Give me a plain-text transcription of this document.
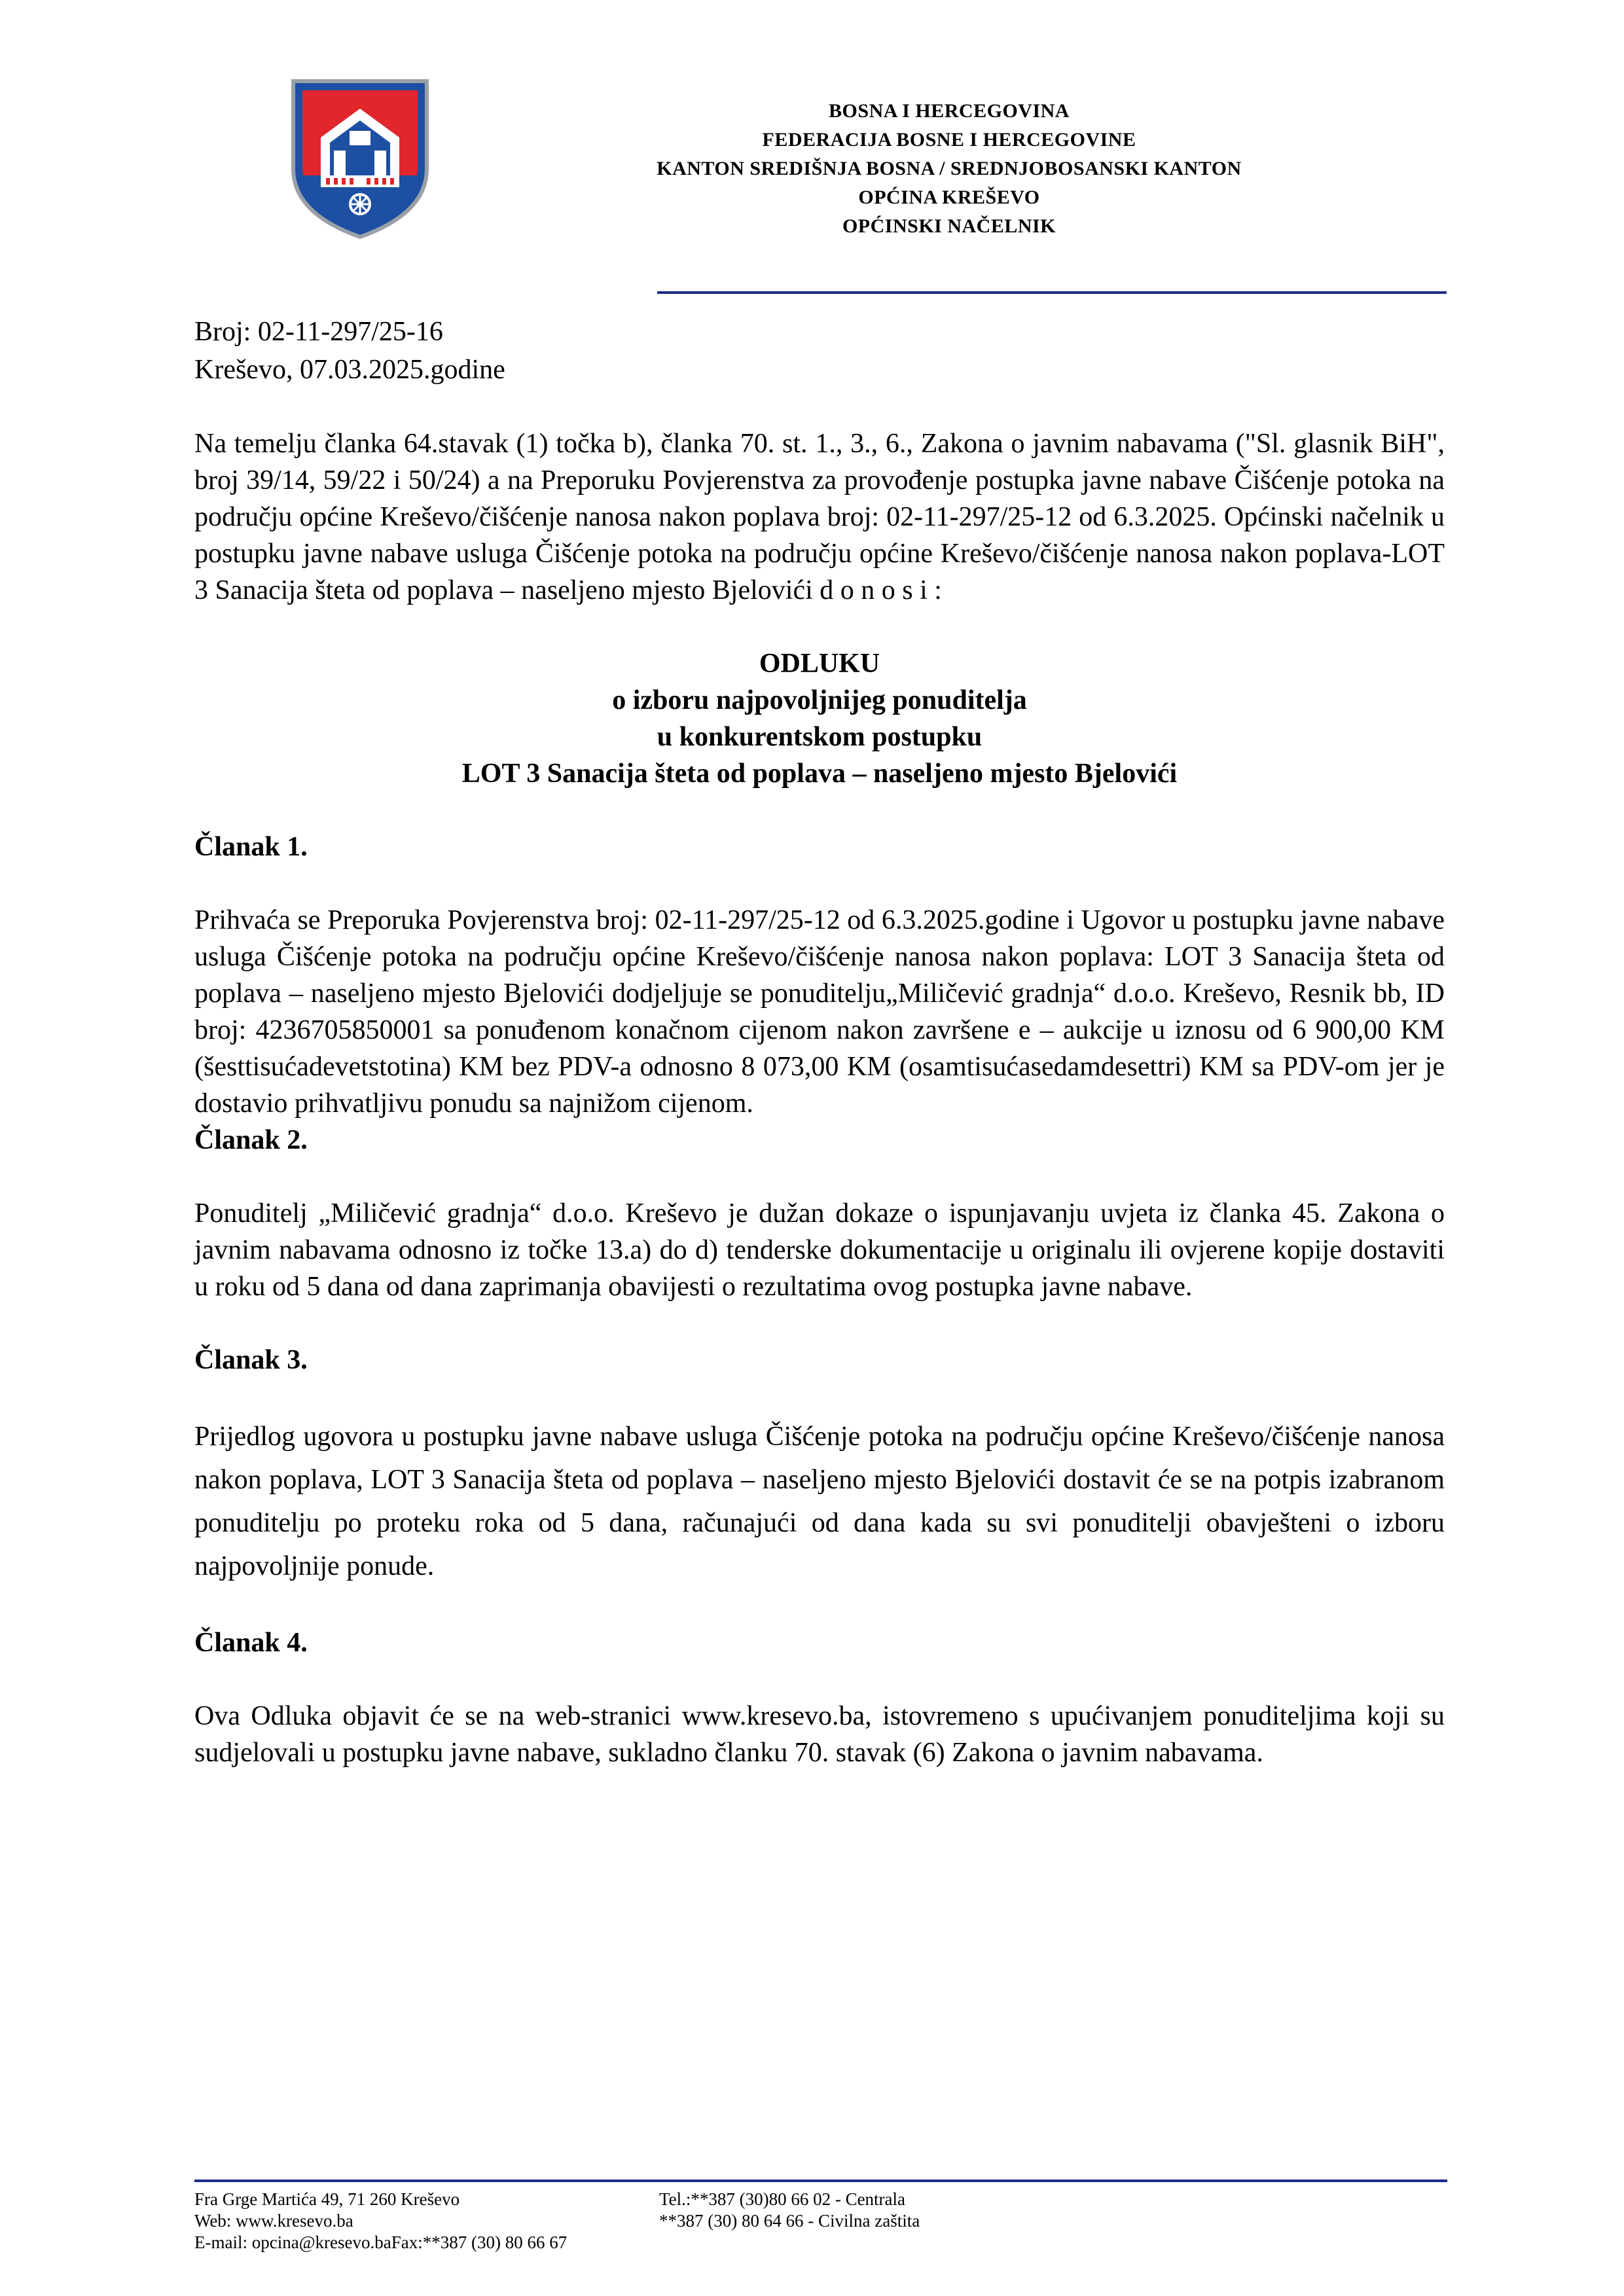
BOSNA I HERCEGOVINA
FEDERACIJA BOSNE I HERCEGOVINE
KANTON SREDIŠNJA BOSNA / SREDNJOBOSANSKI KANTON
OPĆINA KREŠEVO
OPĆINSKI NAČELNIK
Broj: 02-11-297/25-16
Kreševo, 07.03.2025.godine

Na temelju članka 64.stavak (1) točka b), članka 70. st. 1., 3., 6., Zakona o javnim nabavama ("Sl. glasnik BiH", broj 39/14, 59/22 i 50/24) a na Preporuku Povjerenstva za provođenje postupka javne nabave Čišćenje potoka na području općine Kreševo/čišćenje nanosa nakon poplava broj: 02-11-297/25-12 od 6.3.2025. Općinski načelnik u postupku javne nabave usluga Čišćenje potoka na području općine Kreševo/čišćenje nanosa nakon poplava-LOT 3 Sanacija šteta od poplava – naseljeno mjesto Bjelovići d o n o s i :

ODLUKU
o izboru najpovoljnijeg ponuditelja
u konkurentskom postupku
LOT 3 Sanacija šteta od poplava – naseljeno mjesto Bjelovići

Članak 1.

Prihvaća se Preporuka Povjerenstva broj: 02-11-297/25-12 od 6.3.2025.godine i Ugovor u postupku javne nabave usluga Čišćenje potoka na području općine Kreševo/čišćenje nanosa nakon poplava: LOT 3 Sanacija šteta od poplava – naseljeno mjesto Bjelovići dodjeljuje se ponuditelju„Miličević gradnja“ d.o.o. Kreševo, Resnik bb, ID broj: 4236705850001 sa ponuđenom konačnom cijenom nakon završene e – aukcije u iznosu od 6 900,00 KM (šesttisućadevetstotina) KM bez PDV-a odnosno 8 073,00 KM (osamtisućasedamdesettri) KM sa PDV-om jer je dostavio prihvatljivu ponudu sa najnižom cijenom.

Članak 2.

Ponuditelj „Miličević gradnja“ d.o.o. Kreševo je dužan dokaze o ispunjavanju uvjeta iz članka 45. Zakona o javnim nabavama odnosno iz točke 13.a) do d) tenderske dokumentacije u originalu ili ovjerene kopije dostaviti u roku od 5 dana od dana zaprimanja obavijesti o rezultatima ovog postupka javne nabave.

Članak 3.

Prijedlog ugovora u postupku javne nabave usluga Čišćenje potoka na području općine Kreševo/čišćenje nanosa nakon poplava, LOT 3 Sanacija šteta od poplava – naseljeno mjesto Bjelovići dostavit će se na potpis izabranom ponuditelju po proteku roka od 5 dana, računajući od dana kada su svi ponuditelji obavješteni o izboru najpovoljnije ponude.

Članak 4.

Ova Odluka objavit će se na web-stranici www.kresevo.ba, istovremeno s upućivanjem ponuditeljima koji su sudjelovali u postupku javne nabave, sukladno članku 70. stavak (6) Zakona o javnim nabavama.

Fra Grge Martića 49, 71 260 Kreševo	Tel.:**387 (30)80 66 02 - Centrala
Web: www.kresevo.ba	**387 (30) 80 64 66 - Civilna zaštita
E-mail: opcina@kresevo.baFax:**387 (30) 80 66 67
